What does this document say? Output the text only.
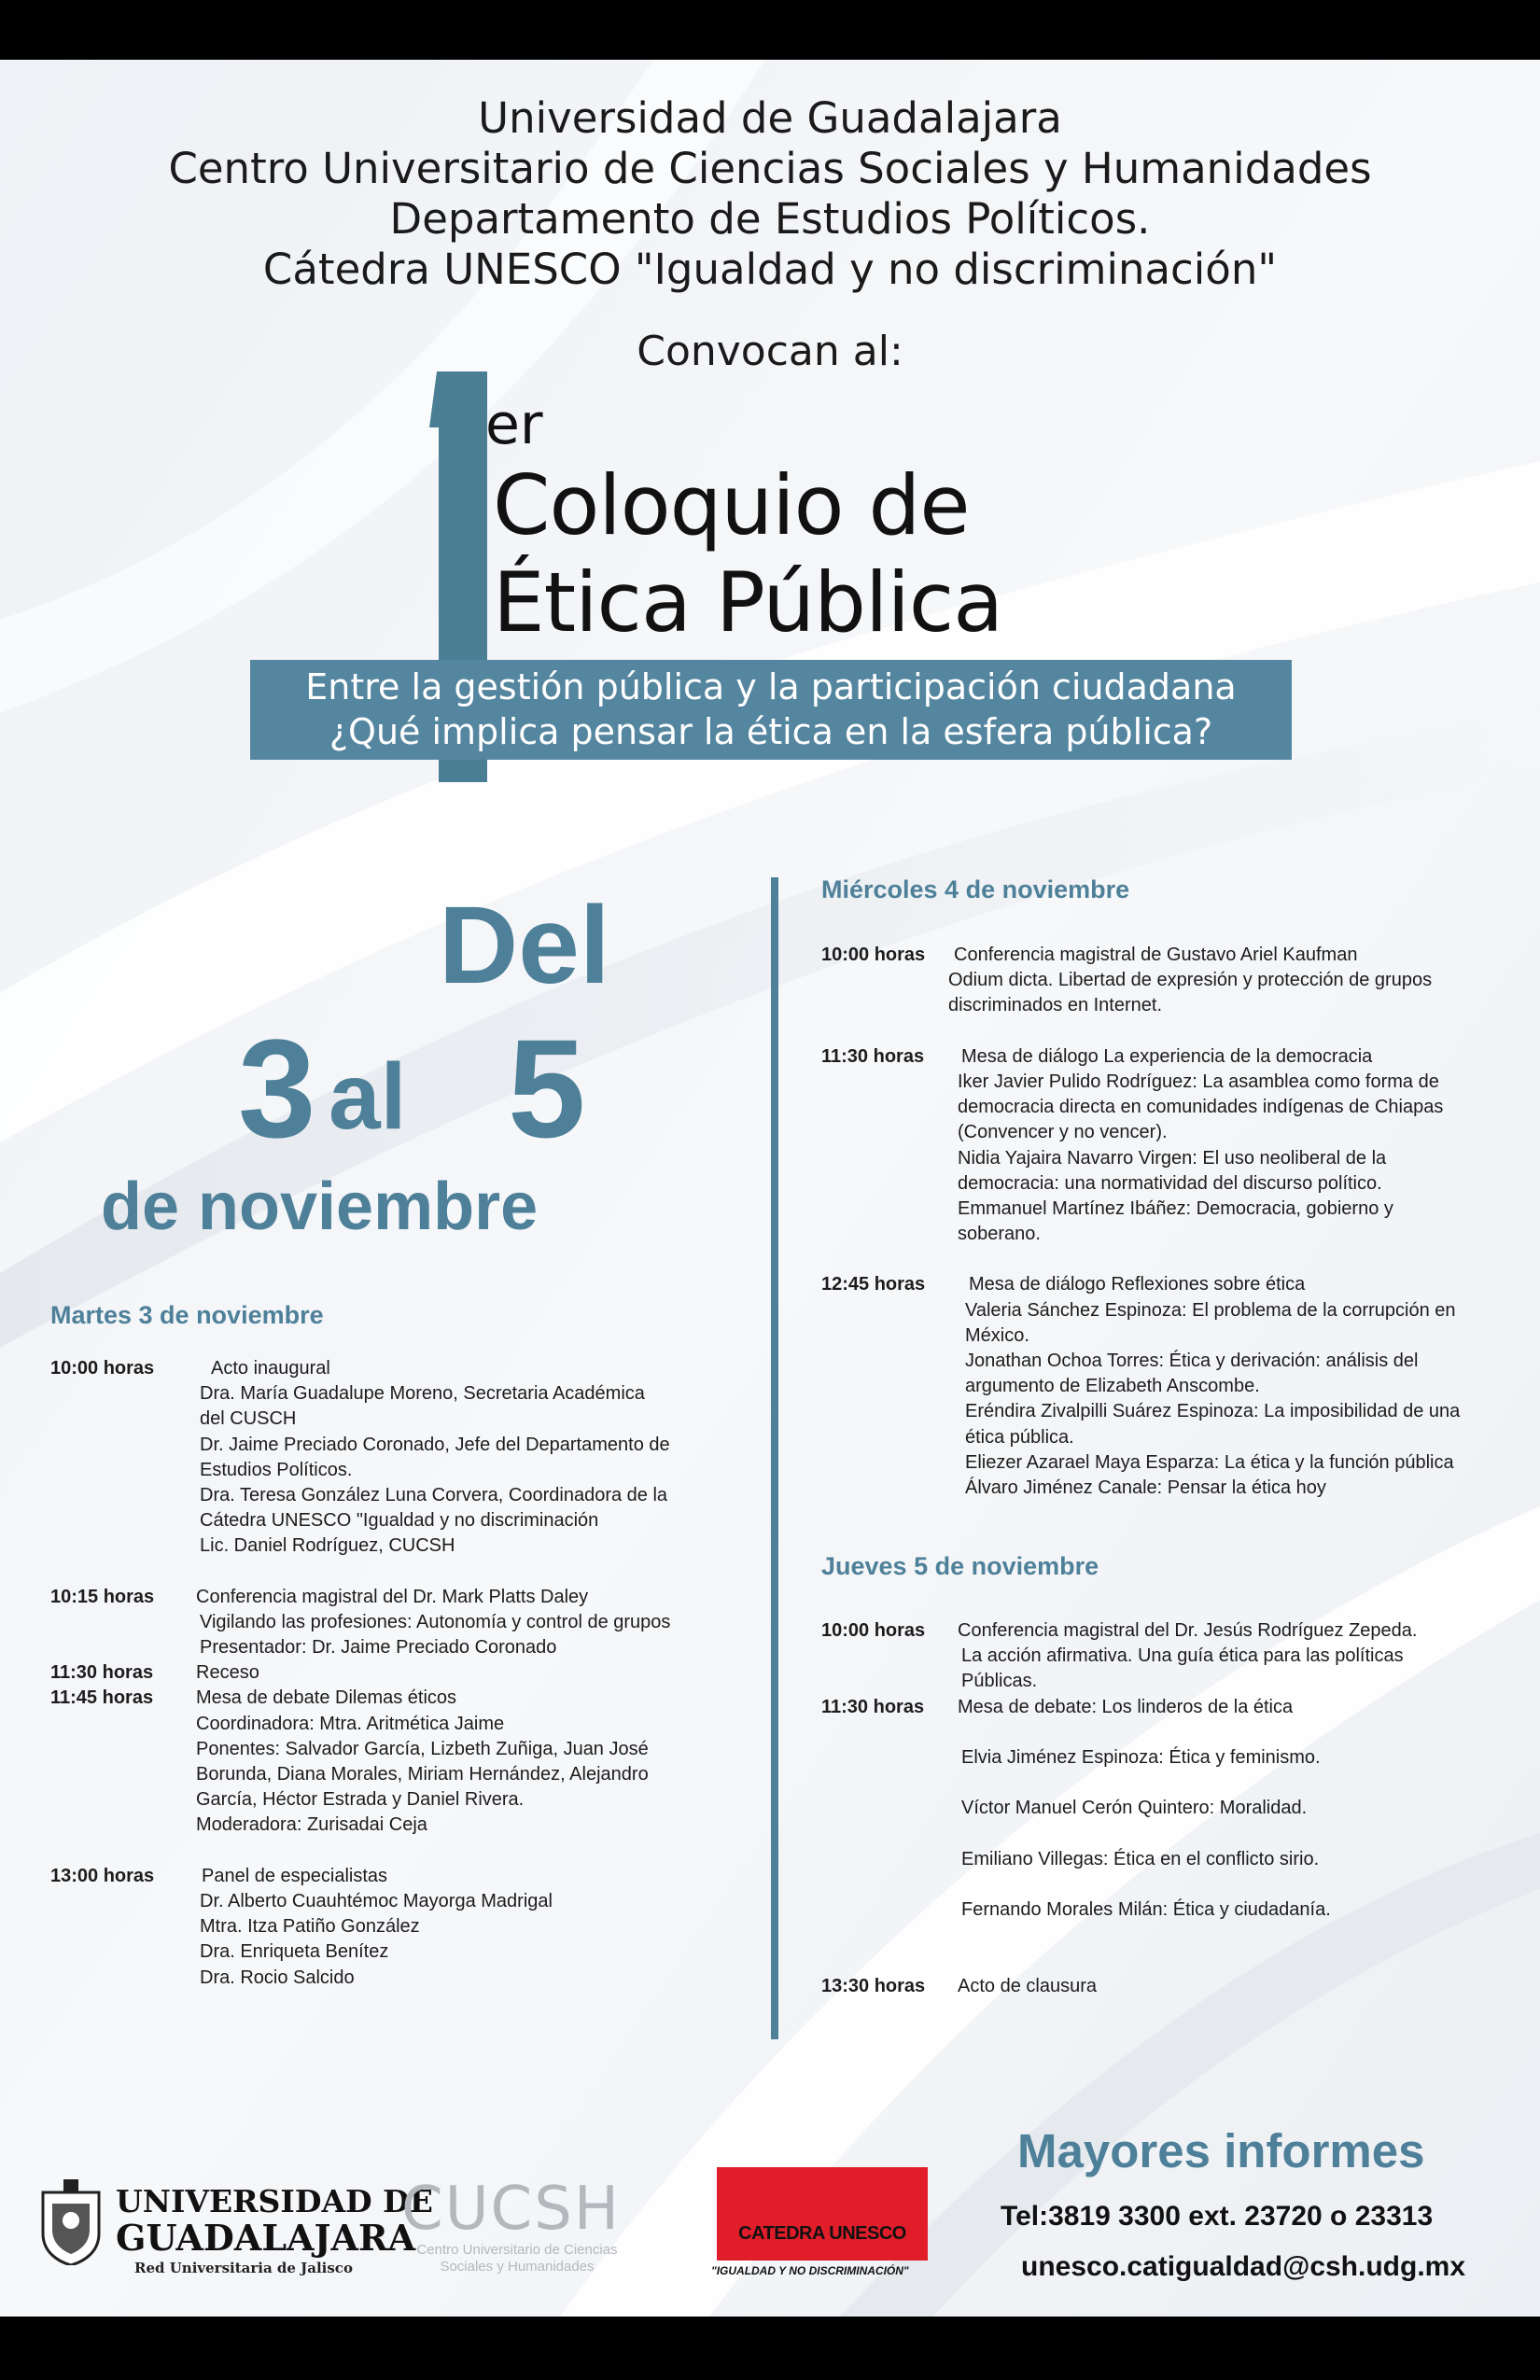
Universidad de Guadalajara
Centro Universitario de Ciencias Sociales y Humanidades
Departamento de Estudios Políticos.
Cátedra UNESCO "Igualdad y no discriminación"
Convocan al:
er
Coloquio de
Ética Pública
Entre la gestión pública y la participación ciudadana
¿Qué implica pensar la ética en la esfera pública?
Del
3 al 5
de noviembre
Martes 3 de noviembre
10:00 horas	Acto inaugural
Dra. María Guadalupe Moreno, Secretaria Académica
del CUSCH
Dr. Jaime Preciado Coronado, Jefe del Departamento de
Estudios Políticos.
Dra. Teresa González Luna Corvera, Coordinadora de la
Cátedra UNESCO "Igualdad y no discriminación
Lic. Daniel Rodríguez, CUCSH
10:15 horas Conferencia magistral del Dr. Mark Platts Daley
Vigilando las profesiones: Autonomía y control de grupos
Presentador: Dr. Jaime Preciado Coronado
11:30 horas Receso
11:45 horas Mesa de debate Dilemas éticos
Coordinadora: Mtra. Aritmética Jaime
Ponentes: Salvador García, Lizbeth Zuñiga, Juan José
Borunda, Diana Morales, Miriam Hernández, Alejandro
García, Héctor Estrada y Daniel Rivera.
Moderadora: Zurisadai Ceja
13:00 horas	Panel de especialistas
Dr. Alberto Cuauhtémoc Mayorga Madrigal
Mtra. Itza Patiño González
Dra. Enriqueta Benítez
Dra. Rocio Salcido
Miércoles 4 de noviembre
10:00 horas Conferencia magistral de Gustavo Ariel Kaufman
Odium dicta. Libertad de expresión y protección de grupos
discriminados en Internet.
11:30 horas Mesa de diálogo La experiencia de la democracia
Iker Javier Pulido Rodríguez: La asamblea como forma de
democracia directa en comunidades indígenas de Chiapas
(Convencer y no vencer).
Nidia Yajaira Navarro Virgen: El uso neoliberal de la
democracia: una normatividad del discurso político.
Emmanuel Martínez Ibáñez: Democracia, gobierno y
soberano.
12:45 horas Mesa de diálogo Reflexiones sobre ética
Valeria Sánchez Espinoza: El problema de la corrupción en
México.
Jonathan Ochoa Torres: Ética y derivación: análisis del
argumento de Elizabeth Anscombe.
Eréndira Zivalpilli Suárez Espinoza: La imposibilidad de una
ética pública.
Eliezer Azarael Maya Esparza: La ética y la función pública
Álvaro Jiménez Canale: Pensar la ética hoy
Jueves 5 de noviembre
10:00 horas Conferencia magistral del Dr. Jesús Rodríguez Zepeda.
La acción afirmativa. Una guía ética para las políticas
Públicas.
11:30 horas Mesa de debate: Los linderos de la ética
Elvia Jiménez Espinoza: Ética y feminismo.
Víctor Manuel Cerón Quintero: Moralidad.
Emiliano Villegas: Ética en el conflicto sirio.
Fernando Morales Milán: Ética y ciudadanía.
13:30 horas Acto de clausura
Mayores informes
Tel:3819 3300 ext. 23720 o 23313
unesco.catigualdad@csh.udg.mx
UNIVERSIDAD DE
GUADALAJARA
Red Universitaria de Jalisco
CUCSH
Centro Universitario de Ciencias
Sociales y Humanidades
CATEDRA UNESCO
"IGUALDAD Y NO DISCRIMINACIÓN"
